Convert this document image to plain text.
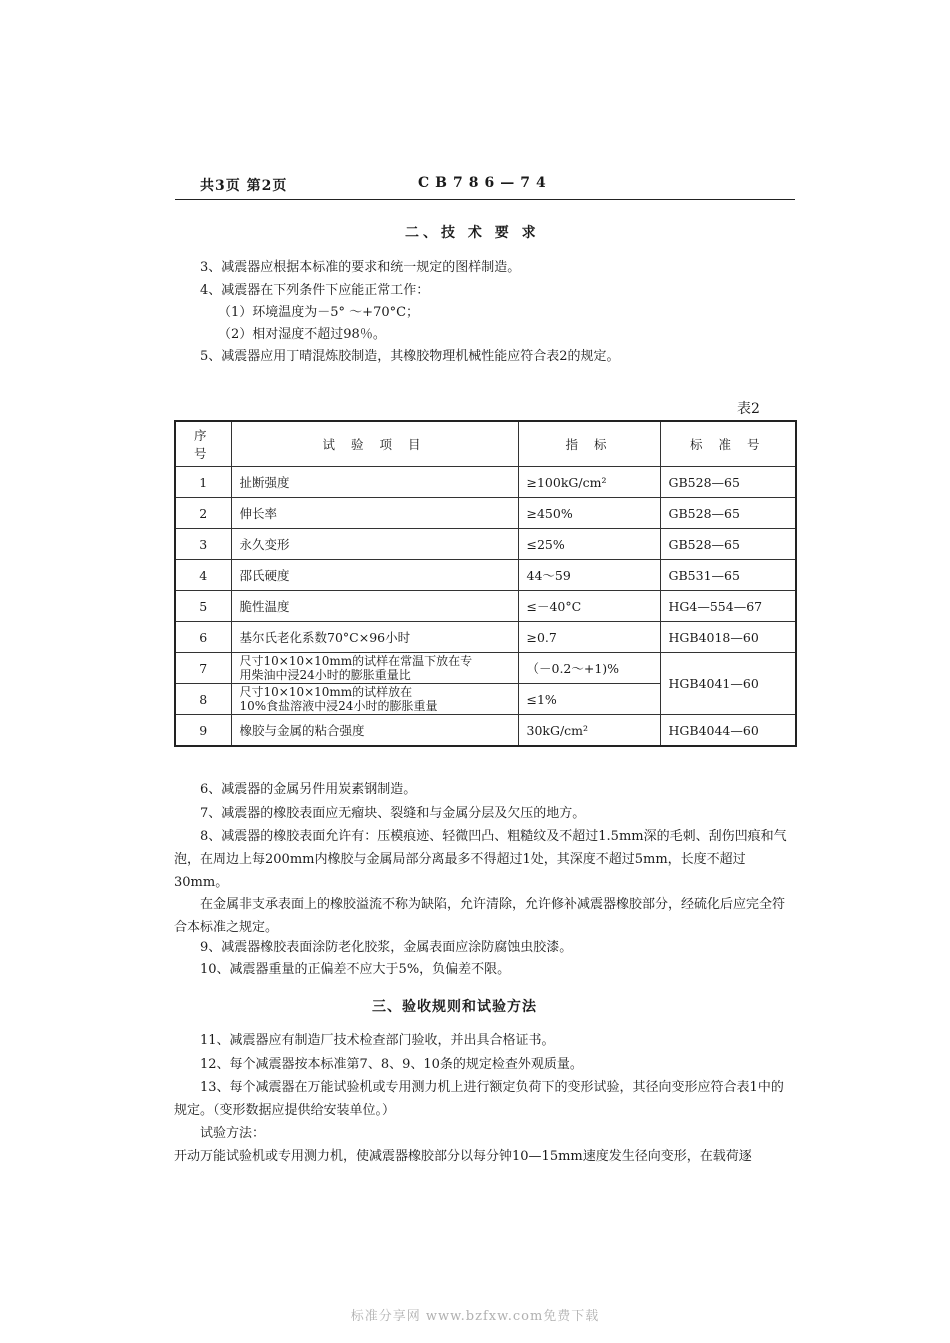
共3页 第2页	CB786—74
二、技 术 要 求
3、减震器应根据本标准的要求和统一规定的图样制造。
4、减震器在下列条件下应能正常工作：
（1）环境温度为－5° ～+70°C；
（2）相对湿度不超过98％。
5、减震器应用丁晴混炼胶制造，其橡胶物理机械性能应符合表2的规定。
表2
序 号	试 验 项 目	指 标	标 准 号
1	扯断强度	≥100kG/cm²	GB528—65
2	伸长率	≥450%	GB528—65
3	永久变形	≤25%	GB528—65
4	邵氏硬度	44～59	GB531—65
5	脆性温度	≤－40°C	HG4—554—67
6	基尔氏老化系数70°C×96小时	≥0.7	HGB4018—60
7	尺寸10×10×10mm的试样在常温下放在专
用柴油中浸24小时的膨胀重量比	（－0.2～+1)%	HGB4041—60
8	尺寸10×10×10mm的试样放在
10%食盐溶液中浸24小时的膨胀重量	≤1%	
9	橡胶与金属的粘合强度	30kG/cm²	HGB4044—60
6、减震器的金属另件用炭素钢制造。
7、减震器的橡胶表面应无瘤块、裂缝和与金属分层及欠压的地方。
8、减震器的橡胶表面允许有：压模痕迹、轻微凹凸、粗糙纹及不超过1.5mm深的毛刺、刮伤凹痕和气泡，在周边上每200mm内橡胶与金属局部分离最多不得超过1处，其深度不超过5mm，长度不超过30mm。
在金属非支承表面上的橡胶溢流不称为缺陷，允许清除，允许修补减震器橡胶部分，经硫化后应完全符合本标准之规定。
9、减震器橡胶表面涂防老化胶浆，金属表面应涂防腐蚀虫胶漆。
10、减震器重量的正偏差不应大于5%，负偏差不限。
三、验收规则和试验方法
11、减震器应有制造厂技术检查部门验收，并出具合格证书。
12、每个减震器按本标准第7、8、9、10条的规定检查外观质量。
13、每个减震器在万能试验机或专用测力机上进行额定负荷下的变形试验，其径向变形应符合表1中的规定。（变形数据应提供给安装单位。）
试验方法：
开动万能试验机或专用测力机，使减震器橡胶部分以每分钟10—15mm速度发生径向变形，在载荷逐
标准分享网 www.bzfxw.com免费下载
